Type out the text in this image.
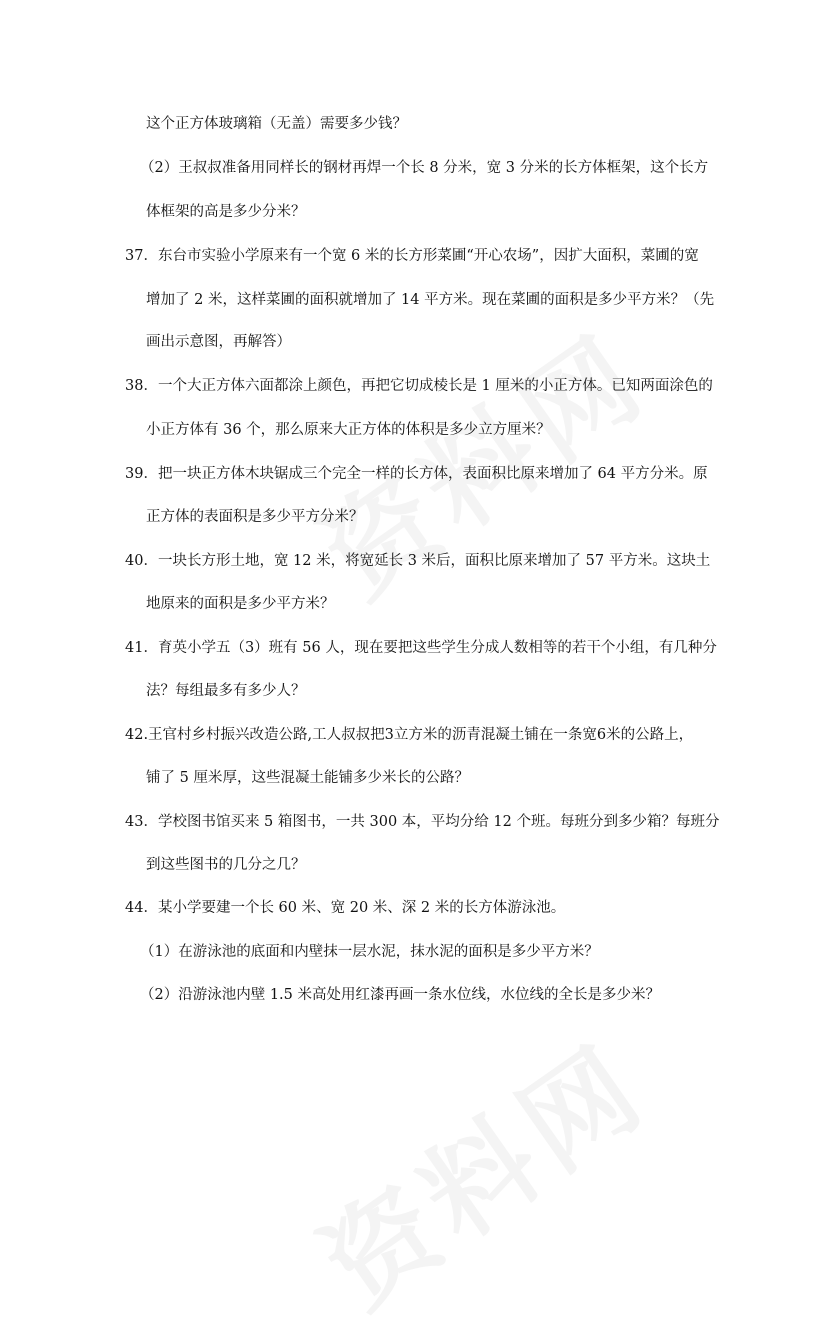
这个正方体玻璃箱（无盖）需要多少钱？
（2）王叔叔准备用同样长的钢材再焊一个长 8 分米，宽 3 分米的长方体框架，这个长方
体框架的高是多少分米？
37．东台市实验小学原来有一个宽 6 米的长方形菜圃“开心农场”，因扩大面积，菜圃的宽
增加了 2 米，这样菜圃的面积就增加了 14 平方米。现在菜圃的面积是多少平方米？（先
画出示意图，再解答）
38．一个大正方体六面都涂上颜色，再把它切成棱长是 1 厘米的小正方体。已知两面涂色的
小正方体有 36 个，那么原来大正方体的体积是多少立方厘米？
39．把一块正方体木块锯成三个完全一样的长方体，表面积比原来增加了 64 平方分米。原
正方体的表面积是多少平方分米？
40．一块长方形土地，宽 12 米，将宽延长 3 米后，面积比原来增加了 57 平方米。这块土
地原来的面积是多少平方米？
41．育英小学五（3）班有 56 人，现在要把这些学生分成人数相等的若干个小组，有几种分
法？每组最多有多少人？
42.王官村乡村振兴改造公路,工人叔叔把3立方米的沥青混凝土铺在一条宽6米的公路上，
铺了 5 厘米厚，这些混凝土能铺多少米长的公路？
43．学校图书馆买来 5 箱图书，一共 300 本，平均分给 12 个班。每班分到多少箱？每班分
到这些图书的几分之几？
44．某小学要建一个长 60 米、宽 20 米、深 2 米的长方体游泳池。
（1）在游泳池的底面和内壁抹一层水泥，抹水泥的面积是多少平方米？
（2）沿游泳池内壁 1.5 米高处用红漆再画一条水位线，水位线的全长是多少米？
